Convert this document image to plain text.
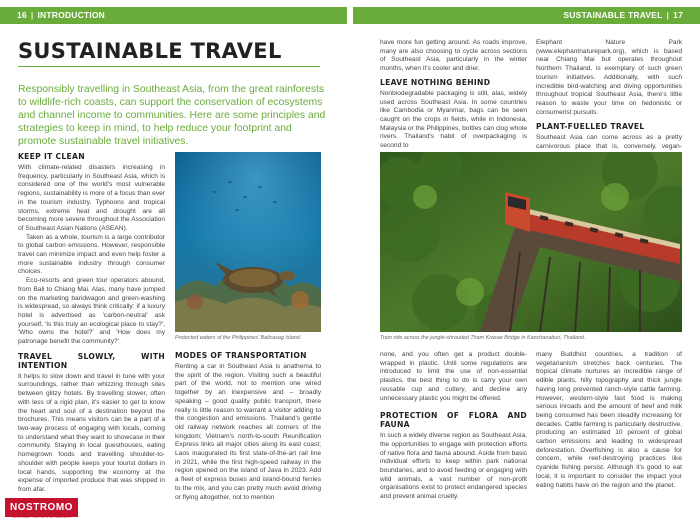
16 | INTRODUCTION
SUSTAINABLE TRAVEL
Responsibly travelling in Southeast Asia, from the great rainforests to wildlife-rich coasts, can support the conservation of ecosystems and channel income to communities. Here are some principles and strategies to keep in mind, to help reduce your footprint and promote sustainable travel initiatives.
KEEP IT CLEAN

With climate-related disasters increasing in frequency, particularly in Southeast Asia, which is considered one of the world's most vulnerable regions, sustainability is more of a focus than ever in the tourism industry. Typhoons and tropical storms, extreme heat and drought are all becoming more severe throughout the Association of Southeast Asian Nations (ASEAN).

Taken as a whole, tourism is a large contributor to global carbon emissions. However, responsible travel can minimize impact and even help foster a more sustainable industry through consumer choices.

Eco-resorts and green tour operators abound, from Bali to Chiang Mai. Alas, many have jumped on the marketing bandwagon and green-washing is widespread, so always think critically: if a luxury hotel is advertised as 'carbon-neutral' ask yourself, 'Is this truly an ecological place to stay?', 'Who owns the hotel?' and 'How does my patronage benefit the community?'.

TRAVEL SLOWLY, WITH INTENTION

It helps to slow down and travel in tune with your surroundings, rather than whizzing through sites between glitzy hotels. By travelling slower, often with less of a rigid plan, it's easier to get to know the heart and soul of a destination beyond the brochures. This means visitors can be a part of a two-way process of engaging with locals, coming to understand what they want to showcase in their community. Staying in local guesthouses, eating homegrown foods and travelling shoulder-to-shoulder with people keeps your tourist dollars in local hands, supporting the economy at the expense of imported produce that was shipped in from afar.

Protected waters of the Philippines' Balicasag Island.
MODES OF TRANSPORTATION

Renting a car in Southeast Asia is anathema to the spirit of the region. Visiting such a beautiful part of the world, not to mention one wired together by an inexpensive and – broadly speaking – good quality public transport, there really is little reason to warrant a visitor adding to the congestion and emissions. Thailand's gentle old railway network reaches all corners of the kingdom; Vietnam's north-to-south Reunification Express links all major cities along its east coast; Laos inaugurated its first state-of-the-art rail line in 2021, while the first high-speed railway in the region opened on the island of Java in 2023. Add a fleet of express buses and island-bound ferries to the mix, and you can pretty much avoid driving or flying altogether, not to mention

NOSTROMO
WEB COMPTOIR DES VOYAGEURS
SUSTAINABLE TRAVEL | 17

have more fun getting around. As roads improve, many are also choosing to cycle across sections of Southeast Asia, particularly in the winter months, when it's cooler and drier.

LEAVE NOTHING BEHIND

Nonbiodegradable packaging is still, alas, widely used across Southeast Asia. In some countries like Cambodia or Myanmar, bags can be seen caught on the crops in fields, while in Indonesia, Malaysia or the Philippines, bottles can clog whole rivers. Thailand's habit of overpackaging is second to

Elephant Nature Park (www.elephantnaturepark.org), which is based near Chiang Mai but operates throughout Northern Thailand, is exemplary of such green tourism initiatives. Additionally, with such incredible bird-watching and diving opportunities throughout tropical Southeast Asia, there's little reason to waste your time on hedonistic or consumerist pursuits.

PLANT-FUELLED TRAVEL

Southeast Asia can come across as a pretty carnivorous place that is, conversely, vegan-

Train ride across the jungle-shrouded Tham Krasae Bridge in Kanchanaburi, Thailand.

none, and you often get a product double-wrapped in plastic. Until some regulations are introduced to limit the use of non-essential plastics, the best thing to do is carry your own reusable cup and cutlery, and decline any unnecessary plastic you might be offered.

PROTECTION OF FLORA AND FAUNA

In such a widely diverse region as Southeast Asia, the opportunities to engage with protection efforts of native flora and fauna abound. Aside from basic individual efforts to keep within park national boundaries, and to avoid feeding or engaging with wild animals, a vast number of non-profit organisations exist to protect endangered species and prevent animal cruelty.

many Buddhist countries, a tradition of vegetarianism stretches back centuries. The tropical climate nurtures an incredible range of edible plants, hilly topography and thick jungle having long prevented ranch-style cattle farming. However, western-style fast food is making serious inroads and the amount of beef and milk being consumed has been steadily increasing for decades. Cattle farming is particularly destructive, producing an estimated 10 percent of global carbon emissions and leading to widespread deforestation. Overfishing is also a cause for concern, while reef-destroying practices like cyanide fishing persist. Although it's good to eat local, it is important to consider the impact your eating habits have on the region and the planet.
